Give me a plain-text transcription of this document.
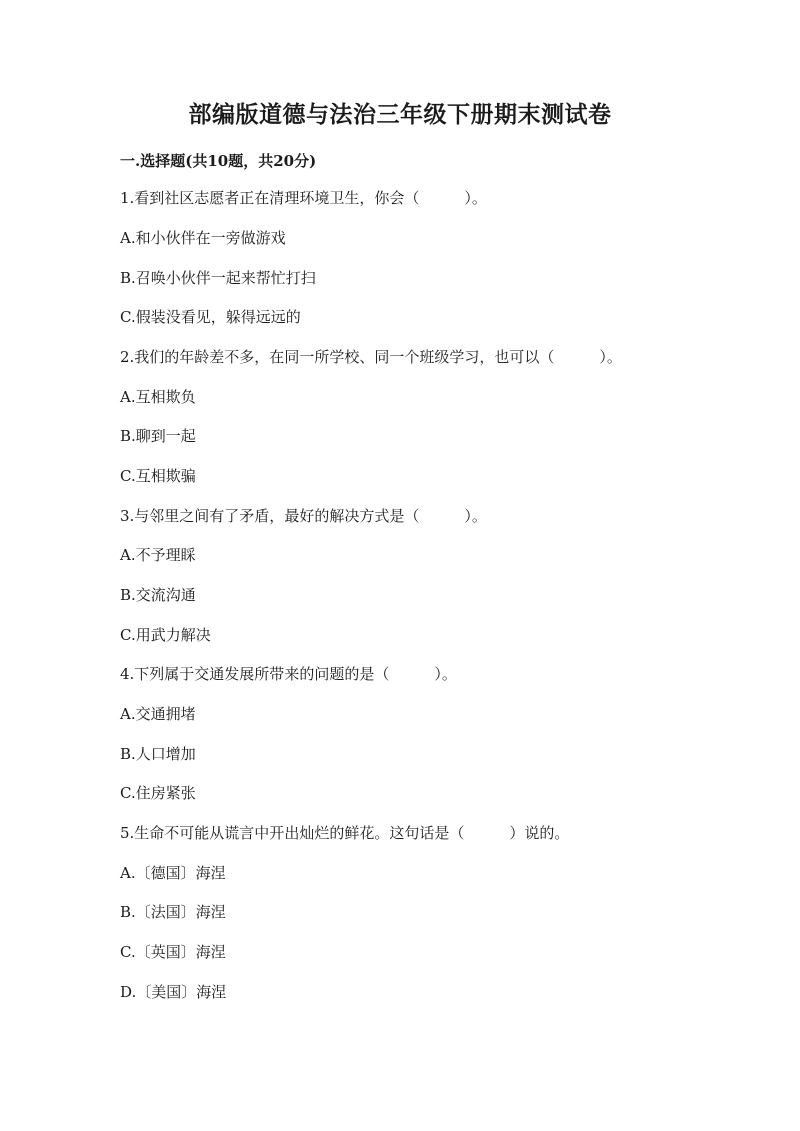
部编版道德与法治三年级下册期末测试卷
一.选择题(共10题，共20分)
1.看到社区志愿者正在清理环境卫生，你会（　　　）。
A.和小伙伴在一旁做游戏
B.召唤小伙伴一起来帮忙打扫
C.假装没看见，躲得远远的
2.我们的年龄差不多，在同一所学校、同一个班级学习，也可以（　　　）。
A.互相欺负
B.聊到一起
C.互相欺骗
3.与邻里之间有了矛盾，最好的解决方式是（　　　）。
A.不予理睬
B.交流沟通
C.用武力解决
4.下列属于交通发展所带来的问题的是（　　　）。
A.交通拥堵
B.人口增加
C.住房紧张
5.生命不可能从谎言中开出灿烂的鲜花。这句话是（　　　）说的。
A.〔德国〕海涅
B.〔法国〕海涅
C.〔英国〕海涅
D.〔美国〕海涅
